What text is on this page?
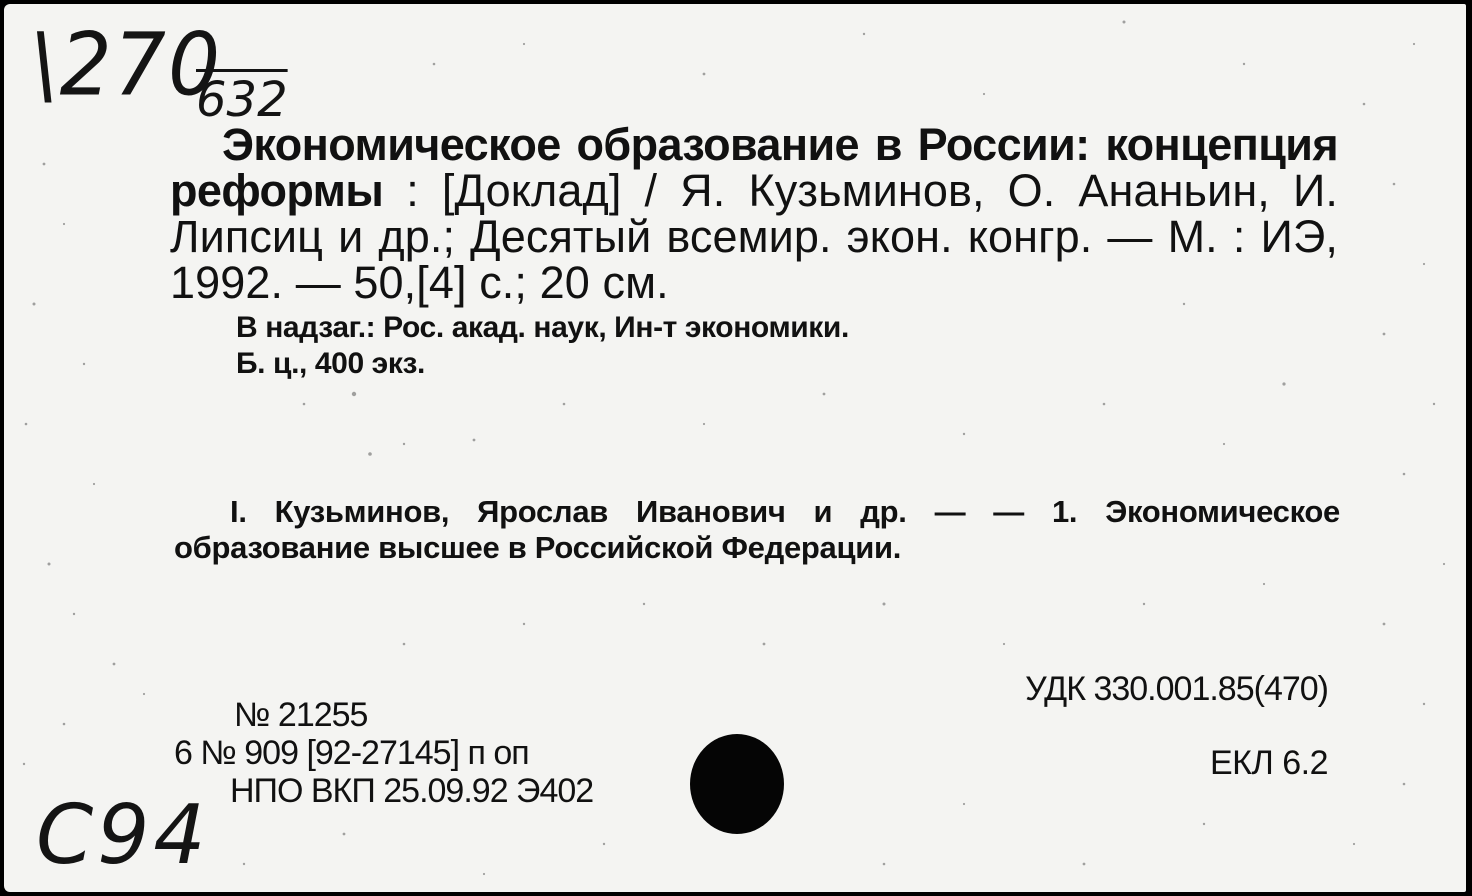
\270
632
Экономическое образование в России: концепция реформы : [Доклад] / Я. Кузьминов, О. Ананьин, И. Липсиц и др.; Десятый всемир. экон. конгр. — М. : ИЭ, 1992. — 50,[4] с.; 20 см.
В надзаг.: Рос. акад. наук, Ин-т экономики.
Б. ц., 400 экз.
I. Кузьминов, Ярослав Иванович и др. — — 1. Экономическое образование высшее в Российской Федерации.
УДК 330.001.85(470)
ЕКЛ 6.2
№ 21255
6 № 909 [92-27145] п оп
НПО ВКП 25.09.92 Э402
С94
